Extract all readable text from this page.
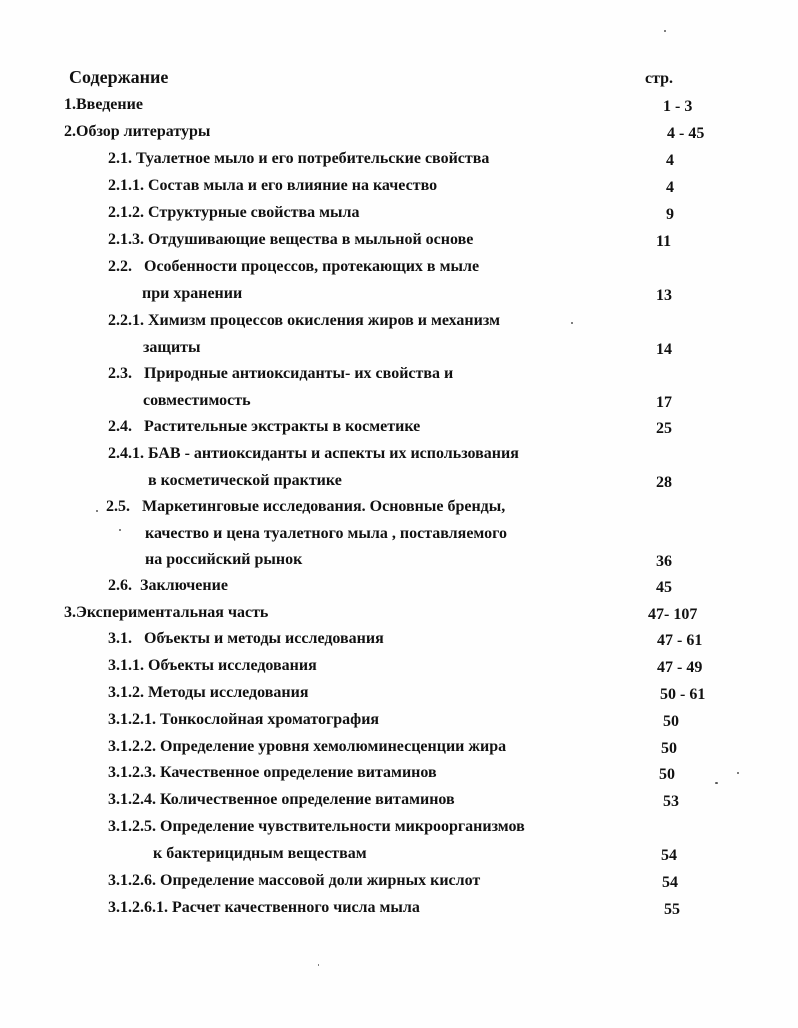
Содержание	стр.
1.Введение	1 - 3
2.Обзор литературы	4 - 45
2.1. Туалетное мыло и его потребительские свойства	4
2.1.1. Состав мыла и его влияние на качество	4
2.1.2. Структурные свойства мыла	9
2.1.3. Отдушивающие вещества в мыльной основе	11
2.2.   Особенности процессов, протекающих в мыле
при хранении	13
2.2.1. Химизм процессов окисления жиров и механизм
защиты	14
2.3.   Природные антиоксиданты- их свойства и
совместимость	17
2.4.   Растительные экстракты в косметике	25
2.4.1. БАВ - антиоксиданты и аспекты их использования
в косметической практике	28
2.5.   Маркетинговые исследования. Основные бренды,
качество и цена туалетного мыла , поставляемого
на российский рынок	36
2.6.  Заключение	45
3.Экспериментальная часть	47- 107
3.1.   Объекты и методы исследования	47 - 61
3.1.1. Объекты исследования	47 - 49
3.1.2. Методы исследования	50 - 61
3.1.2.1. Тонкослойная хроматография	50
3.1.2.2. Определение уровня хемолюминесценции жира	50
3.1.2.3. Качественное определение витаминов	50
3.1.2.4. Количественное определение витаминов	53
3.1.2.5. Определение чувствительности микроорганизмов
к бактерицидным веществам	54
3.1.2.6. Определение массовой доли жирных кислот	54
3.1.2.6.1. Расчет качественного числа мыла	55
